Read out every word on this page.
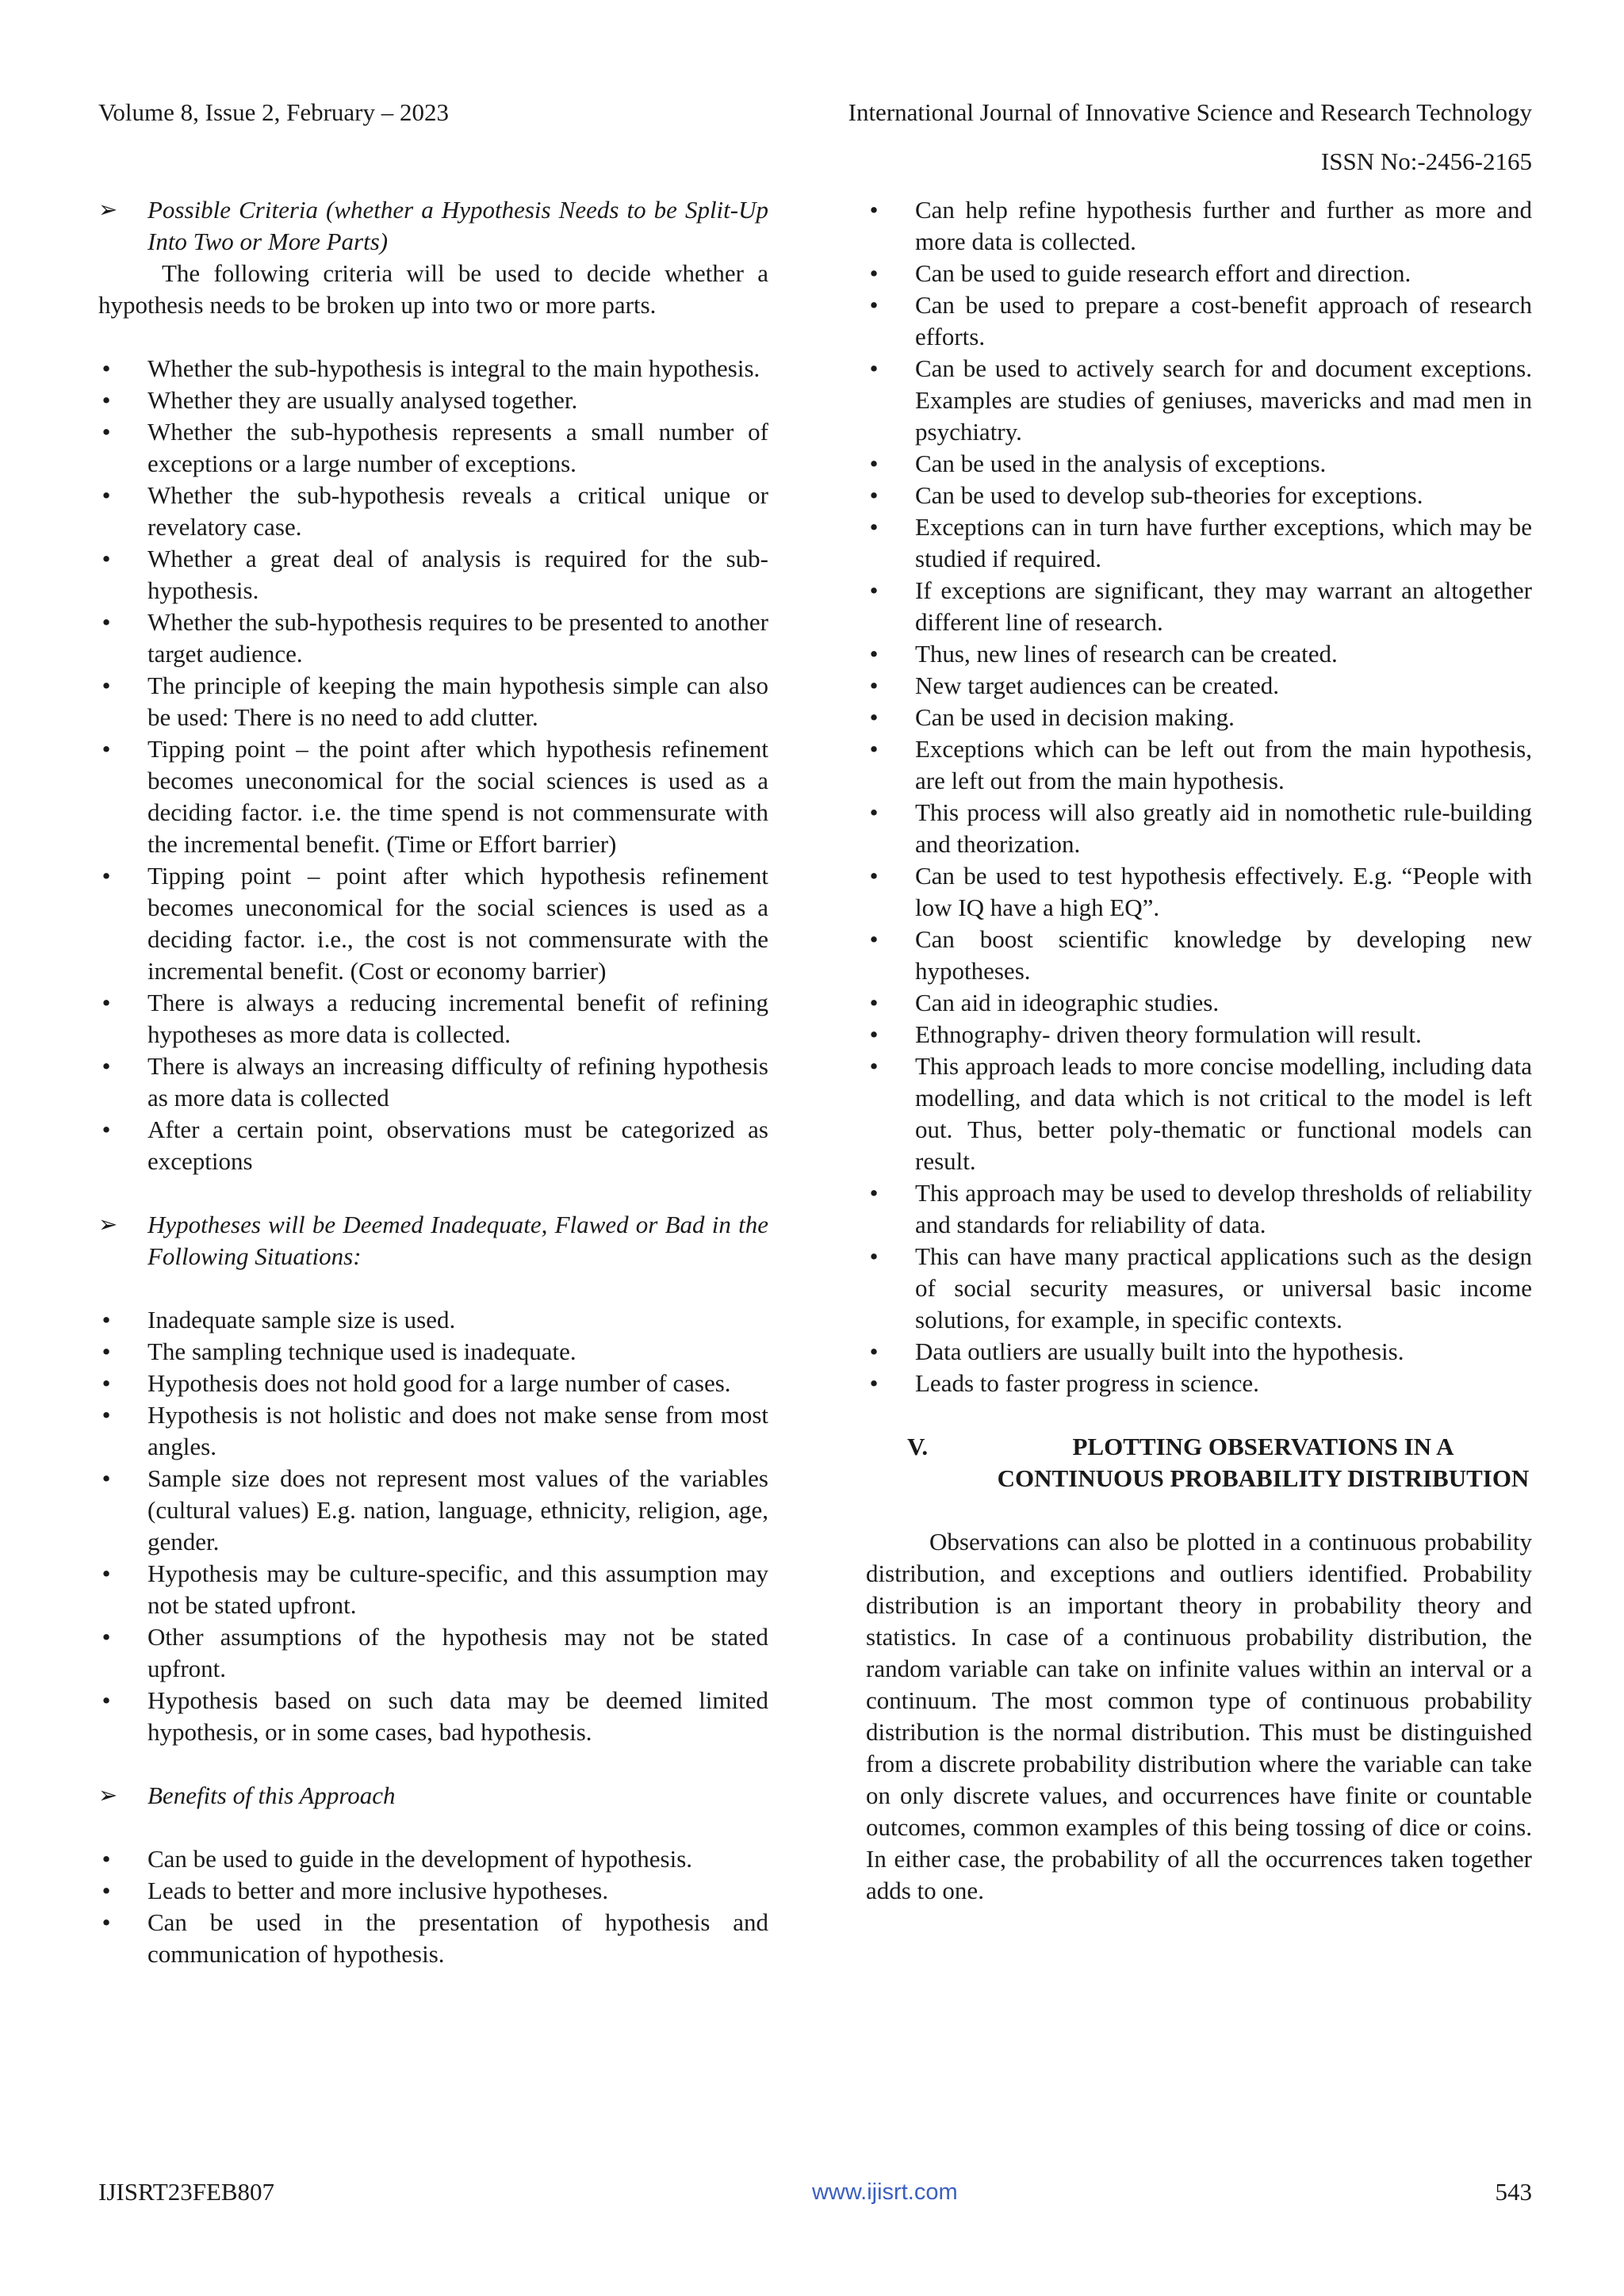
Volume 8, Issue 2, February – 2023	International Journal of Innovative Science and Research Technology
ISSN No:-2456-2165
➢ Possible Criteria (whether a Hypothesis Needs to be Split-Up Into Two or More Parts)
The following criteria will be used to decide whether a hypothesis needs to be broken up into two or more parts.
• Whether the sub-hypothesis is integral to the main hypothesis.
• Whether they are usually analysed together.
• Whether the sub-hypothesis represents a small number of exceptions or a large number of exceptions.
• Whether the sub-hypothesis reveals a critical unique or revelatory case.
• Whether a great deal of analysis is required for the sub-hypothesis.
• Whether the sub-hypothesis requires to be presented to another target audience.
• The principle of keeping the main hypothesis simple can also be used: There is no need to add clutter.
• Tipping point – the point after which hypothesis refinement becomes uneconomical for the social sciences is used as a deciding factor. i.e. the time spend is not commensurate with the incremental benefit. (Time or Effort barrier)
• Tipping point – point after which hypothesis refinement becomes uneconomical for the social sciences is used as a deciding factor. i.e., the cost is not commensurate with the incremental benefit. (Cost or economy barrier)
• There is always a reducing incremental benefit of refining hypotheses as more data is collected.
• There is always an increasing difficulty of refining hypothesis as more data is collected
• After a certain point, observations must be categorized as exceptions
➢ Hypotheses will be Deemed Inadequate, Flawed or Bad in the Following Situations:
• Inadequate sample size is used.
• The sampling technique used is inadequate.
• Hypothesis does not hold good for a large number of cases.
• Hypothesis is not holistic and does not make sense from most angles.
• Sample size does not represent most values of the variables (cultural values) E.g. nation, language, ethnicity, religion, age, gender.
• Hypothesis may be culture-specific, and this assumption may not be stated upfront.
• Other assumptions of the hypothesis may not be stated upfront.
• Hypothesis based on such data may be deemed limited hypothesis, or in some cases, bad hypothesis.
➢ Benefits of this Approach
• Can be used to guide in the development of hypothesis.
• Leads to better and more inclusive hypotheses.
• Can be used in the presentation of hypothesis and communication of hypothesis.
• Can help refine hypothesis further and further as more and more data is collected.
• Can be used to guide research effort and direction.
• Can be used to prepare a cost-benefit approach of research efforts.
• Can be used to actively search for and document exceptions. Examples are studies of geniuses, mavericks and mad men in psychiatry.
• Can be used in the analysis of exceptions.
• Can be used to develop sub-theories for exceptions.
• Exceptions can in turn have further exceptions, which may be studied if required.
• If exceptions are significant, they may warrant an altogether different line of research.
• Thus, new lines of research can be created.
• New target audiences can be created.
• Can be used in decision making.
• Exceptions which can be left out from the main hypothesis, are left out from the main hypothesis.
• This process will also greatly aid in nomothetic rule-building and theorization.
• Can be used to test hypothesis effectively. E.g. “People with low IQ have a high EQ”.
• Can boost scientific knowledge by developing new hypotheses.
• Can aid in ideographic studies.
• Ethnography- driven theory formulation will result.
• This approach leads to more concise modelling, including data modelling, and data which is not critical to the model is left out. Thus, better poly-thematic or functional models can result.
• This approach may be used to develop thresholds of reliability and standards for reliability of data.
• This can have many practical applications such as the design of social security measures, or universal basic income solutions, for example, in specific contexts.
• Data outliers are usually built into the hypothesis.
• Leads to faster progress in science.
V.	PLOTTING OBSERVATIONS IN A CONTINUOUS PROBABILITY DISTRIBUTION
Observations can also be plotted in a continuous probability distribution, and exceptions and outliers identified. Probability distribution is an important theory in probability theory and statistics. In case of a continuous probability distribution, the random variable can take on infinite values within an interval or a continuum. The most common type of continuous probability distribution is the normal distribution. This must be distinguished from a discrete probability distribution where the variable can take on only discrete values, and occurrences have finite or countable outcomes, common examples of this being tossing of dice or coins. In either case, the probability of all the occurrences taken together adds to one.
IJISRT23FEB807	www.ijisrt.com	543
